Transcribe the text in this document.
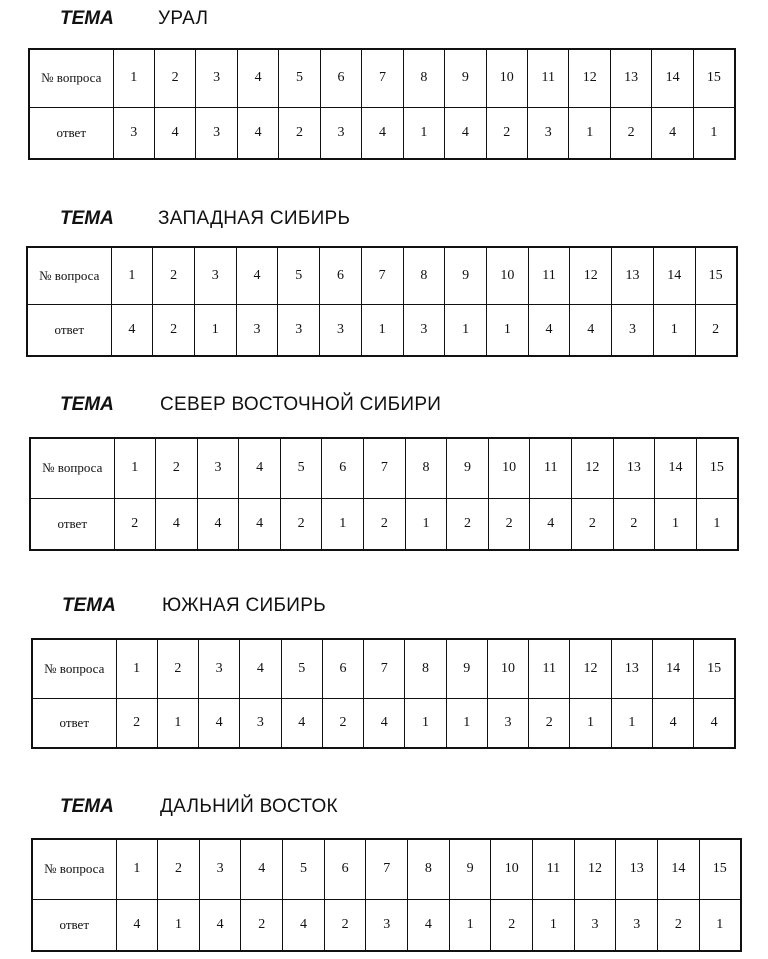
ТЕМА УРАЛ
№ вопроса	1	2	3	4	5	6	7	8	9	10	11	12	13	14	15
ответ	3	4	3	4	2	3	4	1	4	2	3	1	2	4	1
ТЕМА ЗАПАДНАЯ СИБИРЬ
№ вопроса	1	2	3	4	5	6	7	8	9	10	11	12	13	14	15
ответ	4	2	1	3	3	3	1	3	1	1	4	4	3	1	2
ТЕМА СЕВЕР ВОСТОЧНОЙ СИБИРИ
№ вопроса	1	2	3	4	5	6	7	8	9	10	11	12	13	14	15
ответ	2	4	4	4	2	1	2	1	2	2	4	2	2	1	1
ТЕМА ЮЖНАЯ СИБИРЬ
№ вопроса	1	2	3	4	5	6	7	8	9	10	11	12	13	14	15
ответ	2	1	4	3	4	2	4	1	1	3	2	1	1	4	4
ТЕМА ДАЛЬНИЙ ВОСТОК
№ вопроса	1	2	3	4	5	6	7	8	9	10	11	12	13	14	15
ответ	4	1	4	2	4	2	3	4	1	2	1	3	3	2	1
